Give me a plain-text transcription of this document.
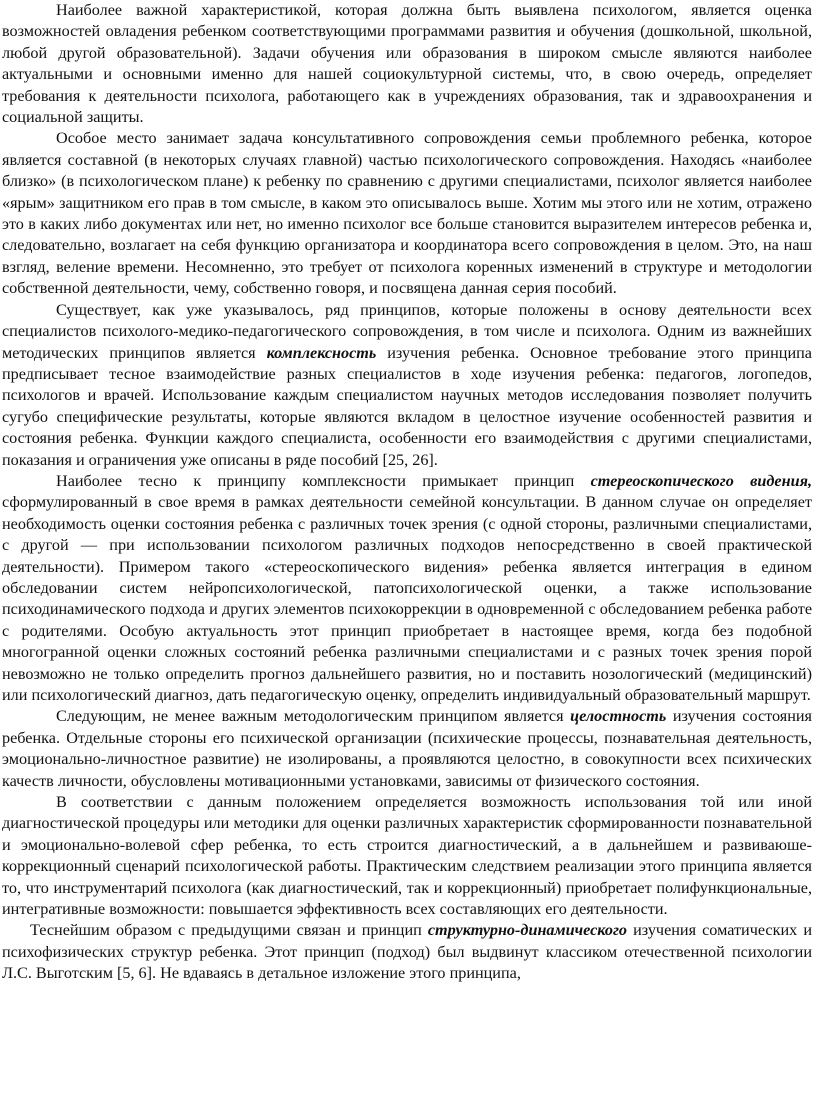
Наиболее важной характеристикой, которая должна быть выявлена психологом, является оценка возможностей овладения ребенком соответствующими программами развития и обучения (дошкольной, школьной, любой другой образовательной). Задачи обучения или образования в широком смысле являются наиболее актуальными и основными именно для нашей социокультурной системы, что, в свою очередь, определяет требования к деятельности психолога, работающего как в учреждениях образования, так и здравоохранения и социальной защиты.

Особое место занимает задача консультативного сопровождения семьи проблемного ребенка, которое является составной (в некоторых случаях главной) частью психологического сопровождения. Находясь «наиболее близко» (в психологическом плане) к ребенку по сравнению с другими специалистами, психолог является наиболее «ярым» защитником его прав в том смысле, в каком это описывалось выше. Хотим мы этого или не хотим, отражено это в каких либо документах или нет, но именно психолог все больше становится выразителем интересов ребенка и, следовательно, возлагает на себя функцию организатора и координатора всего сопровождения в целом. Это, на наш взгляд, веление времени. Несомненно, это требует от психолога коренных изменений в структуре и методологии собственной деятельности, чему, собственно говоря, и посвящена данная серия пособий.

Существует, как уже указывалось, ряд принципов, которые положены в основу деятельности всех специалистов психолого-медико-педагогического сопровождения, в том числе и психолога. Одним из важнейших методических принципов является комплексность изучения ребенка. Основное требование этого принципа предписывает тесное взаимодействие разных специалистов в ходе изучения ребенка: педагогов, логопедов, психологов и врачей. Использование каждым специалистом научных методов исследования позволяет получить сугубо специфические результаты, которые являются вкладом в целостное изучение особенностей развития и состояния ребенка. Функции каждого специалиста, особенности его взаимодействия с другими специалистами, показания и ограничения уже описаны в ряде пособий [25, 26].

Наиболее тесно к принципу комплексности примыкает принцип стереоскопического видения, сформулированный в свое время в рамках деятельности семейной консультации. В данном случае он определяет необходимость оценки состояния ребенка с различных точек зрения (с одной стороны, различными специалистами, с другой — при использовании психологом различных подходов непосредственно в своей практической деятельности). Примером такого «стереоскопического видения» ребенка является интеграция в едином обследовании систем нейропсихологической, патопсихологической оценки, а также использование психодинамического подхода и других элементов психокоррекции в одновременной с обследованием ребенка работе с родителями. Особую актуальность этот принцип приобретает в настоящее время, когда без подобной многогранной оценки сложных состояний ребенка различными специалистами и с разных точек зрения порой невозможно не только определить прогноз дальнейшего развития, но и поставить нозологический (медицинский) или психологический диагноз, дать педагогическую оценку, определить индивидуальный образовательный маршрут.

Следующим, не менее важным методологическим принципом является целостность изучения состояния ребенка. Отдельные стороны его психической организации (психические процессы, познавательная деятельность, эмоционально-личностное развитие) не изолированы, а проявляются целостно, в совокупности всех психических качеств личности, обусловлены мотивационными установками, зависимы от физического состояния.

В соответствии с данным положением определяется возможность использования той или иной диагностической процедуры или методики для оценки различных характеристик сформированности познавательной и эмоционально-волевой сфер ребенка, то есть строится диагностический, а в дальнейшем и развиваюше-коррекционный сценарий психологической работы. Практическим следствием реализации этого принципа является то, что инструментарий психолога (как диагностический, так и коррекционный) приобретает полифункциональные, интегративные возможности: повышается эффективность всех составляющих его деятельности.

Теснейшим образом с предыдущими связан и принцип структурно-динамического изучения соматических и психофизических структур ребенка. Этот принцип (подход) был выдвинут классиком отечественной психологии Л.С. Выготским [5, 6]. Не вдаваясь в детальное изложение этого принципа,
